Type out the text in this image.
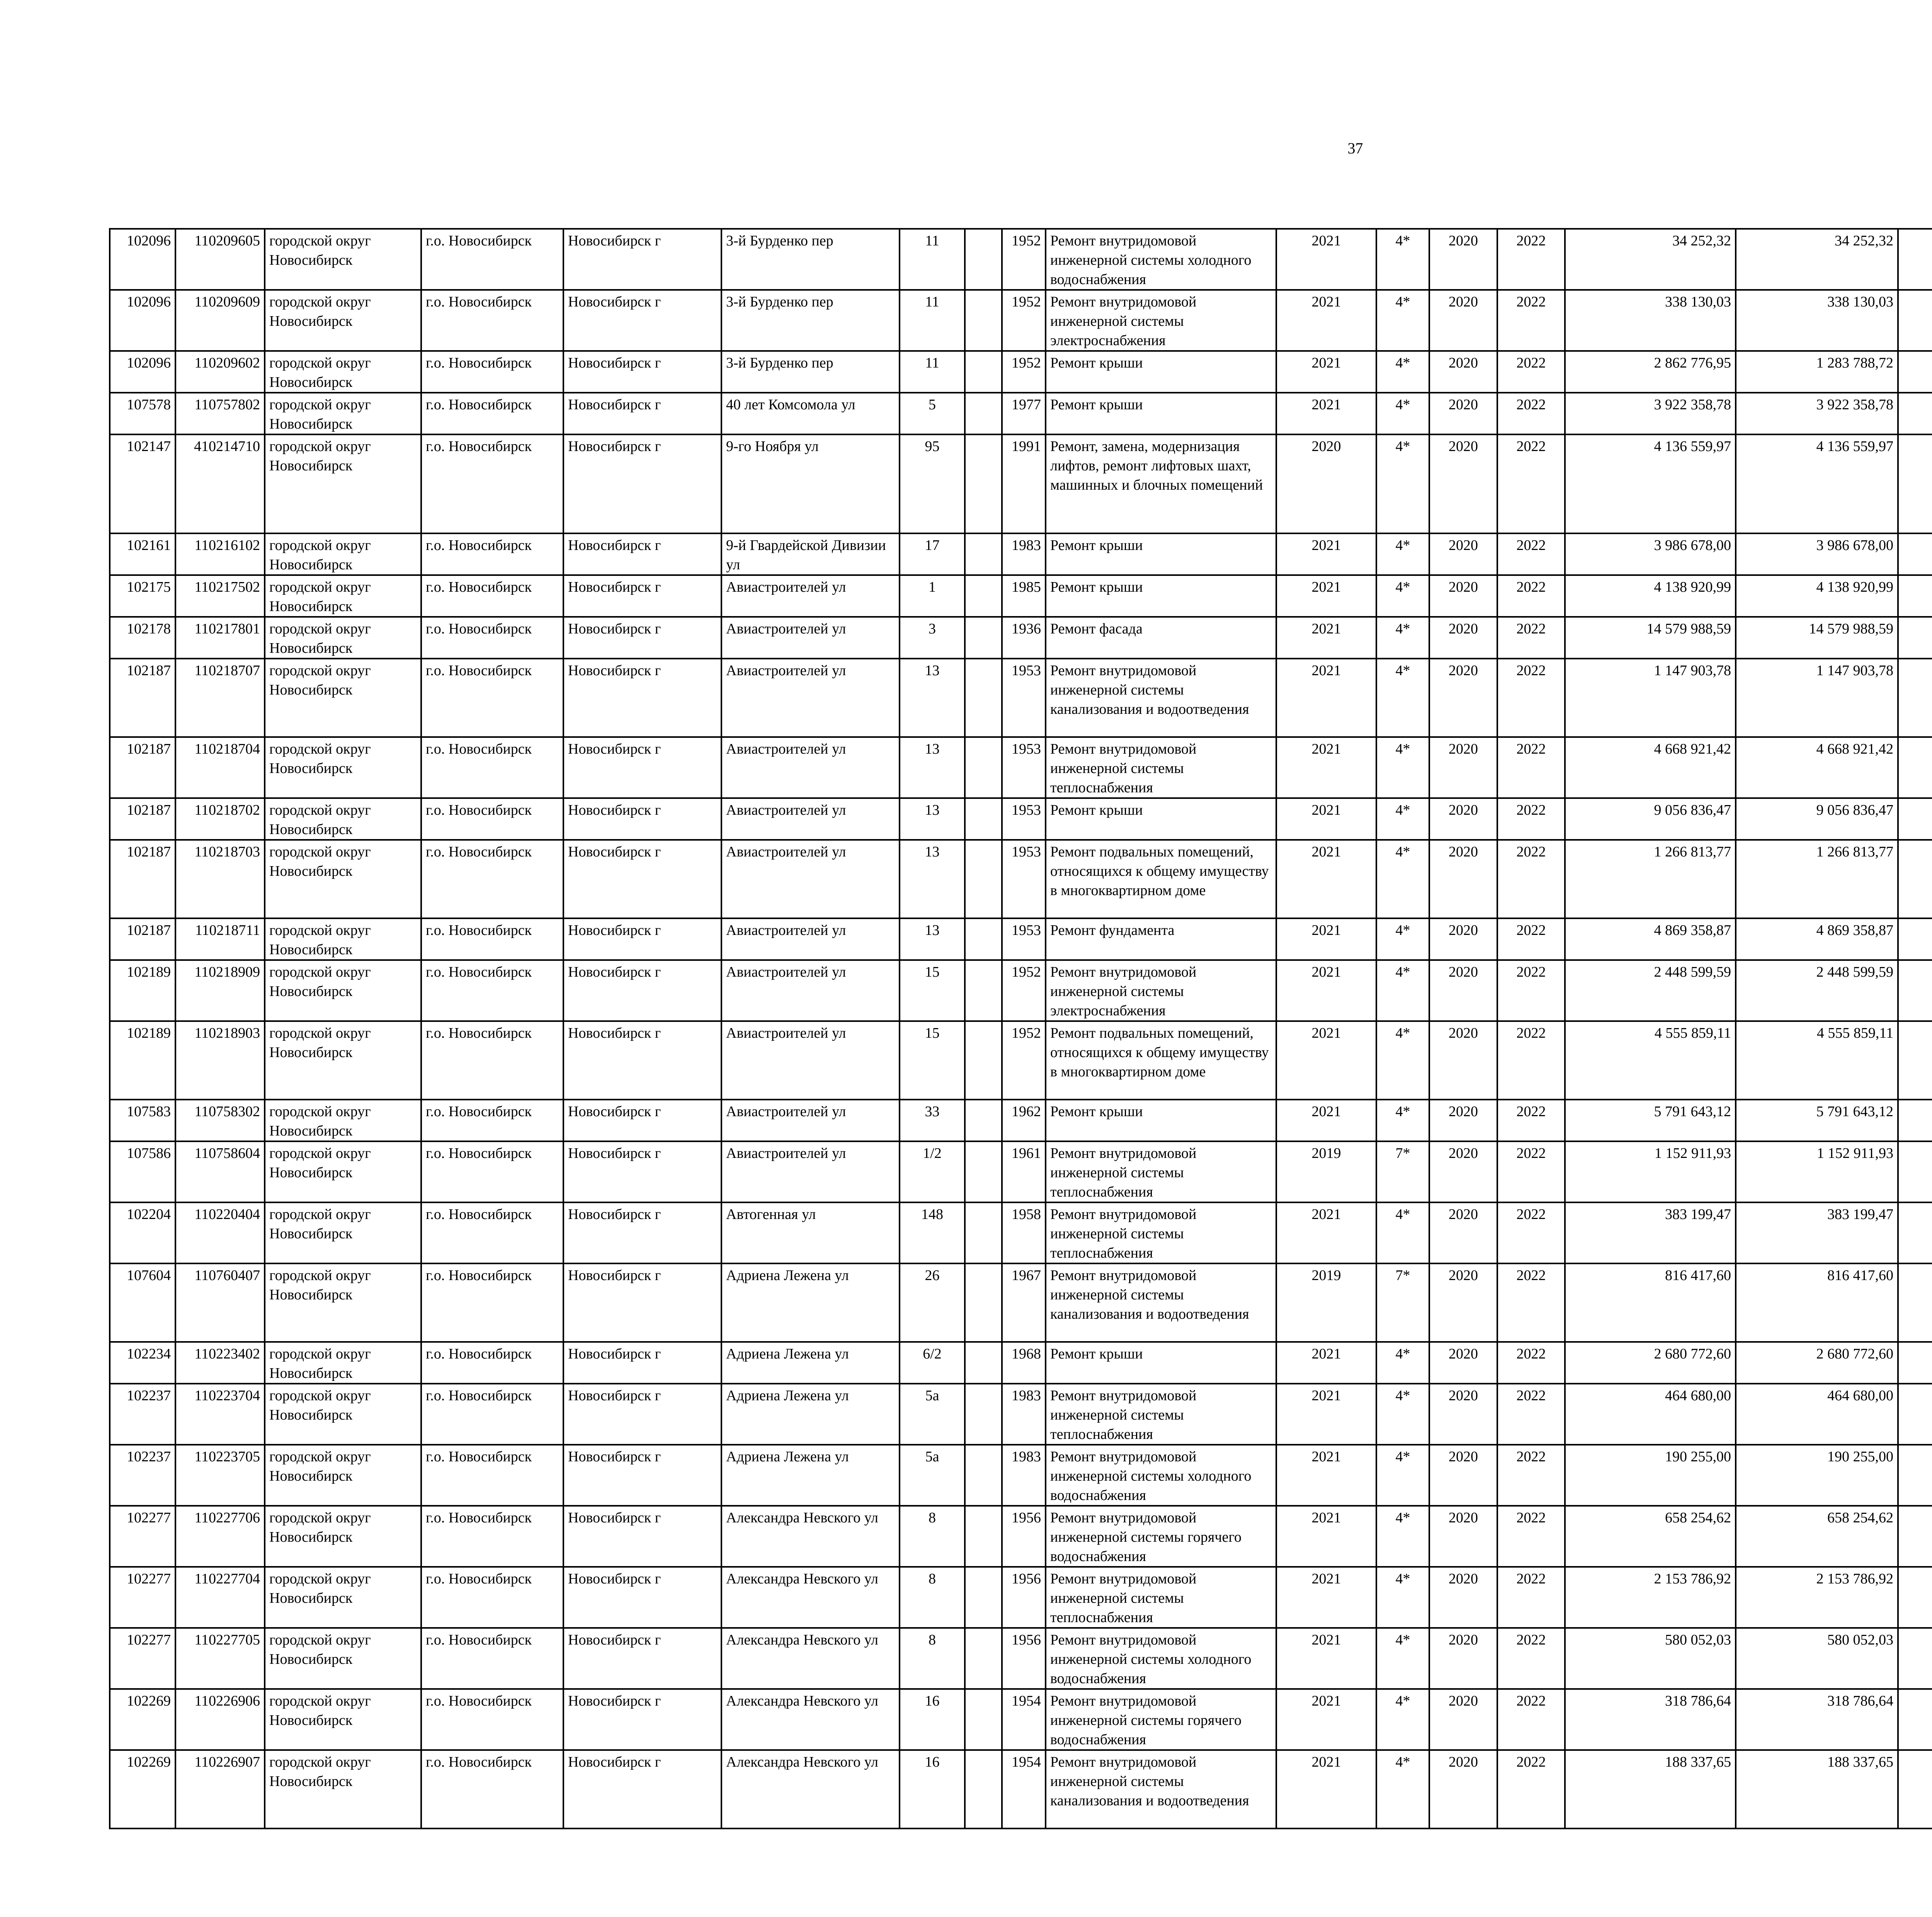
37
102096	110209605	городской округ Новосибирск	г.о. Новосибирск	Новосибирск г	3-й Бурденко пер	11		1952	Ремонт внутридомовой инженерной системы холодного водоснабжения	2021	4*	2020	2022	34 252,32	34 252,32						
102096	110209609	городской округ Новосибирск	г.о. Новосибирск	Новосибирск г	3-й Бурденко пер	11		1952	Ремонт внутридомовой инженерной системы электроснабжения	2021	4*	2020	2022	338 130,03	338 130,03						
102096	110209602	городской округ Новосибирск	г.о. Новосибирск	Новосибирск г	3-й Бурденко пер	11		1952	Ремонт крыши	2021	4*	2020	2022	2 862 776,95	1 283 788,72						
107578	110757802	городской округ Новосибирск	г.о. Новосибирск	Новосибирск г	40 лет Комсомола ул	5		1977	Ремонт крыши	2021	4*	2020	2022	3 922 358,78	3 922 358,78						
102147	410214710	городской округ Новосибирск	г.о. Новосибирск	Новосибирск г	9-го Ноября ул	95		1991	Ремонт, замена, модернизация лифтов, ремонт лифтовых шахт, машинных и блочных помещений	2020	4*	2020	2022	4 136 559,97	4 136 559,97						
102161	110216102	городской округ Новосибирск	г.о. Новосибирск	Новосибирск г	9-й Гвардейской Дивизии ул	17		1983	Ремонт крыши	2021	4*	2020	2022	3 986 678,00	3 986 678,00						
102175	110217502	городской округ Новосибирск	г.о. Новосибирск	Новосибирск г	Авиастроителей ул	1		1985	Ремонт крыши	2021	4*	2020	2022	4 138 920,99	4 138 920,99						
102178	110217801	городской округ Новосибирск	г.о. Новосибирск	Новосибирск г	Авиастроителей ул	3		1936	Ремонт фасада	2021	4*	2020	2022	14 579 988,59	14 579 988,59						
102187	110218707	городской округ Новосибирск	г.о. Новосибирск	Новосибирск г	Авиастроителей ул	13		1953	Ремонт внутридомовой инженерной системы канализования и водоотведения	2021	4*	2020	2022	1 147 903,78	1 147 903,78						
102187	110218704	городской округ Новосибирск	г.о. Новосибирск	Новосибирск г	Авиастроителей ул	13		1953	Ремонт внутридомовой инженерной системы теплоснабжения	2021	4*	2020	2022	4 668 921,42	4 668 921,42						
102187	110218702	городской округ Новосибирск	г.о. Новосибирск	Новосибирск г	Авиастроителей ул	13		1953	Ремонт крыши	2021	4*	2020	2022	9 056 836,47	9 056 836,47						
102187	110218703	городской округ Новосибирск	г.о. Новосибирск	Новосибирск г	Авиастроителей ул	13		1953	Ремонт подвальных помещений, относящихся к общему имуществу в многоквартирном доме	2021	4*	2020	2022	1 266 813,77	1 266 813,77						
102187	110218711	городской округ Новосибирск	г.о. Новосибирск	Новосибирск г	Авиастроителей ул	13		1953	Ремонт фундамента	2021	4*	2020	2022	4 869 358,87	4 869 358,87						
102189	110218909	городской округ Новосибирск	г.о. Новосибирск	Новосибирск г	Авиастроителей ул	15		1952	Ремонт внутридомовой инженерной системы электроснабжения	2021	4*	2020	2022	2 448 599,59	2 448 599,59						
102189	110218903	городской округ Новосибирск	г.о. Новосибирск	Новосибирск г	Авиастроителей ул	15		1952	Ремонт подвальных помещений, относящихся к общему имуществу в многоквартирном доме	2021	4*	2020	2022	4 555 859,11	4 555 859,11						
107583	110758302	городской округ Новосибирск	г.о. Новосибирск	Новосибирск г	Авиастроителей ул	33		1962	Ремонт крыши	2021	4*	2020	2022	5 791 643,12	5 791 643,12						
107586	110758604	городской округ Новосибирск	г.о. Новосибирск	Новосибирск г	Авиастроителей ул	1/2		1961	Ремонт внутридомовой инженерной системы теплоснабжения	2019	7*	2020	2022	1 152 911,93	1 152 911,93						
102204	110220404	городской округ Новосибирск	г.о. Новосибирск	Новосибирск г	Автогенная ул	148		1958	Ремонт внутридомовой инженерной системы теплоснабжения	2021	4*	2020	2022	383 199,47	383 199,47						
107604	110760407	городской округ Новосибирск	г.о. Новосибирск	Новосибирск г	Адриена Лежена ул	26		1967	Ремонт внутридомовой инженерной системы канализования и водоотведения	2019	7*	2020	2022	816 417,60	816 417,60						
102234	110223402	городской округ Новосибирск	г.о. Новосибирск	Новосибирск г	Адриена Лежена ул	6/2		1968	Ремонт крыши	2021	4*	2020	2022	2 680 772,60	2 680 772,60						
102237	110223704	городской округ Новосибирск	г.о. Новосибирск	Новосибирск г	Адриена Лежена ул	5а		1983	Ремонт внутридомовой инженерной системы теплоснабжения	2021	4*	2020	2022	464 680,00	464 680,00						
102237	110223705	городской округ Новосибирск	г.о. Новосибирск	Новосибирск г	Адриена Лежена ул	5а		1983	Ремонт внутридомовой инженерной системы холодного водоснабжения	2021	4*	2020	2022	190 255,00	190 255,00						
102277	110227706	городской округ Новосибирск	г.о. Новосибирск	Новосибирск г	Александра Невского ул	8		1956	Ремонт внутридомовой инженерной системы горячего водоснабжения	2021	4*	2020	2022	658 254,62	658 254,62						
102277	110227704	городской округ Новосибирск	г.о. Новосибирск	Новосибирск г	Александра Невского ул	8		1956	Ремонт внутридомовой инженерной системы теплоснабжения	2021	4*	2020	2022	2 153 786,92	2 153 786,92						
102277	110227705	городской округ Новосибирск	г.о. Новосибирск	Новосибирск г	Александра Невского ул	8		1956	Ремонт внутридомовой инженерной системы холодного водоснабжения	2021	4*	2020	2022	580 052,03	580 052,03						
102269	110226906	городской округ Новосибирск	г.о. Новосибирск	Новосибирск г	Александра Невского ул	16		1954	Ремонт внутридомовой инженерной системы горячего водоснабжения	2021	4*	2020	2022	318 786,64	318 786,64						
102269	110226907	городской округ Новосибирск	г.о. Новосибирск	Новосибирск г	Александра Невского ул	16		1954	Ремонт внутридомовой инженерной системы канализования и водоотведения	2021	4*	2020	2022	188 337,65	188 337,65						
